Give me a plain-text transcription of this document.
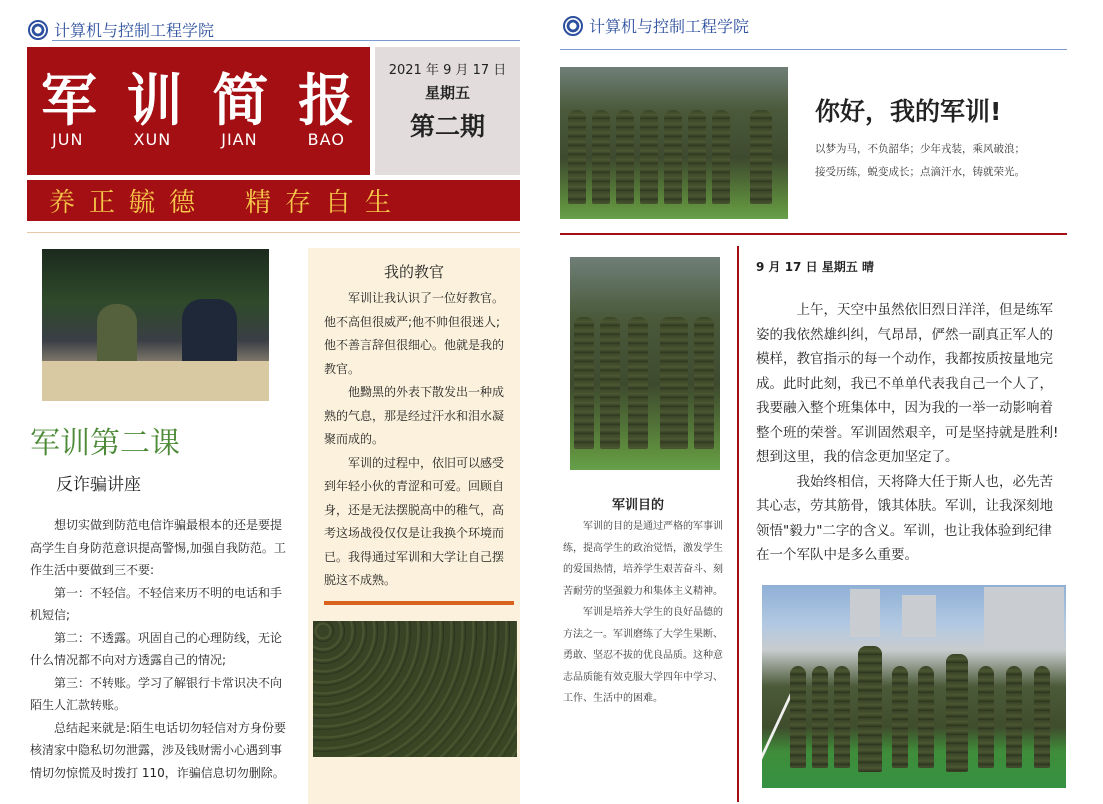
计算机与控制工程学院
军 训 简 报
JUN	XUN	JIAN	BAO
2021 年 9 月 17 日
星期五
第二期
养正毓德 精存自生
军训第二课
反诈骗讲座

想切实做到防范电信诈骗最根本的还是要提高学生自身防范意识提高警惕,加强自我防范。工作生活中要做到三不要:

第一：不轻信。不轻信来历不明的电话和手机短信;

第二：不透露。巩固自己的心理防线，无论什么情况都不向对方透露自己的情况;

第三：不转账。学习了解银行卡常识决不向陌生人汇款转账。

总结起来就是:陌生电话切勿轻信对方身份要核清家中隐私切勿泄露，涉及钱财需小心遇到事情切勿惊慌及时拨打 110，诈骗信息切勿删除。

我的教官

军训让我认识了一位好教官。他不高但很威严;他不帅但很迷人;他不善言辞但很细心。他就是我的教官。

他黝黑的外表下散发出一种成熟的气息，那是经过汗水和泪水凝聚而成的。

军训的过程中，依旧可以感受到年轻小伙的青涩和可爱。回顾自身，还是无法摆脱高中的稚气，高考这场战役仅仅是让我换个环境而已。我得通过军训和大学让自己摆脱这不成熟。

计算机与控制工程学院
你好，我的军训!
以梦为马，不负韶华；少年戎装，乘风破浪；
接受历练，蜕变成长；点滴汗水，铸就荣光。
军训目的

军训的目的是通过严格的军事训练，提高学生的政治觉悟，激发学生的爱国热情，培养学生艰苦奋斗、刻苦耐劳的坚强毅力和集体主义精神。

军训是培养大学生的良好品德的方法之一。军训磨练了大学生果断、勇敢、坚忍不拔的优良品质。这种意志品质能有效克服大学四年中学习、工作、生活中的困难。

9 月 17 日 星期五 晴

上午，天空中虽然依旧烈日洋洋，但是练军姿的我依然雄纠纠，气昂昂，俨然一副真正军人的模样，教官指示的每一个动作，我都按质按量地完成。此时此刻，我已不单单代表我自己一个人了，我要融入整个班集体中，因为我的一举一动影响着整个班的荣誉。军训固然艰辛，可是坚持就是胜利!想到这里，我的信念更加坚定了。

我始终相信，天将降大任于斯人也，必先苦其心志，劳其筋骨，饿其体肤。军训，让我深刻地领悟"毅力"二字的含义。军训，也让我体验到纪律在一个军队中是多么重要。
